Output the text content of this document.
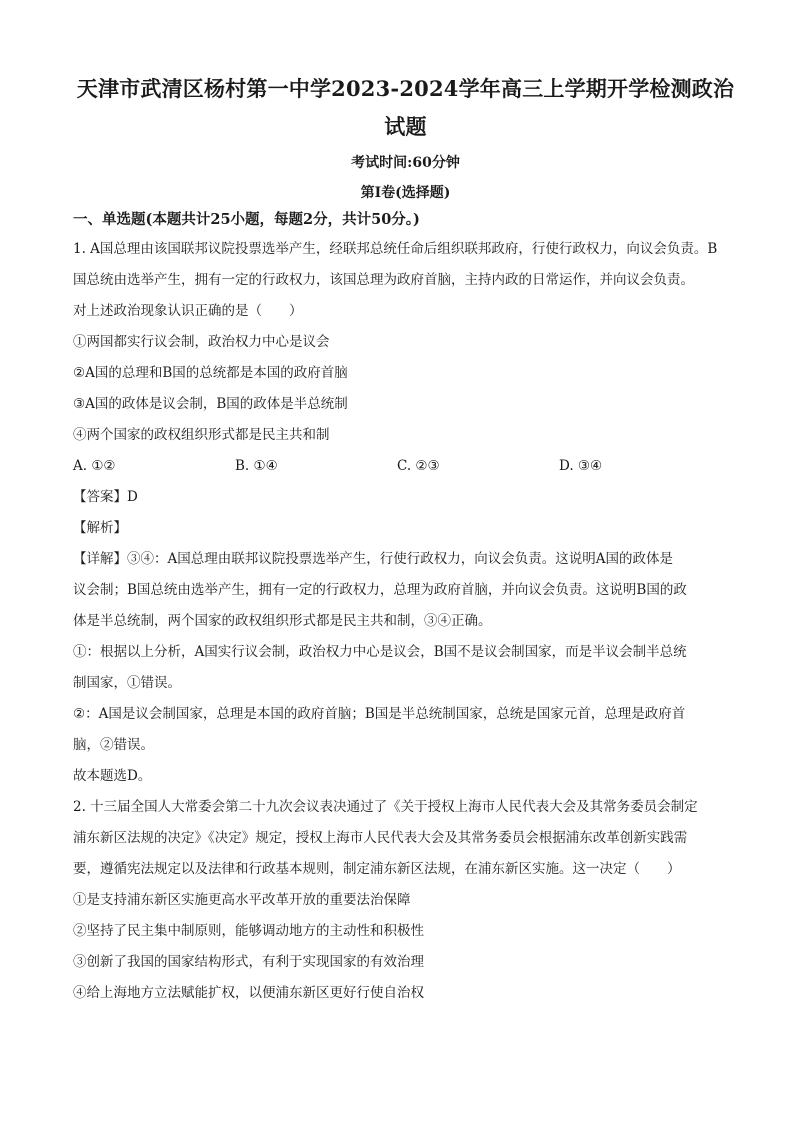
天津市武清区杨村第一中学2023-2024学年高三上学期开学检测政治
试题
考试时间:60分钟
第I卷(选择题)
一、单选题(本题共计25小题，每题2分，共计50分。)

1. A国总理由该国联邦议院投票选举产生，经联邦总统任命后组织联邦政府，行使行政权力，向议会负责。B

国总统由选举产生，拥有一定的行政权力，该国总理为政府首脑，主持内政的日常运作，并向议会负责。

对上述政治现象认识正确的是（　　）

①两国都实行议会制，政治权力中心是议会

②A国的总理和B国的总统都是本国的政府首脑

③A国的政体是议会制，B国的政体是半总统制

④两个国家的政权组织形式都是民主共和制

A. ①②	B. ①④	C. ②③	D. ③④

【答案】D

【解析】

【详解】③④：A国总理由联邦议院投票选举产生，行使行政权力，向议会负责。这说明A国的政体是

议会制；B国总统由选举产生，拥有一定的行政权力，总理为政府首脑，并向议会负责。这说明B国的政

体是半总统制，两个国家的政权组织形式都是民主共和制，③④正确。

①：根据以上分析，A国实行议会制，政治权力中心是议会，B国不是议会制国家，而是半议会制半总统

制国家，①错误。

②：A国是议会制国家，总理是本国的政府首脑；B国是半总统制国家，总统是国家元首，总理是政府首

脑，②错误。

故本题选D。

2. 十三届全国人大常委会第二十九次会议表决通过了《关于授权上海市人民代表大会及其常务委员会制定

浦东新区法规的决定》《决定》规定，授权上海市人民代表大会及其常务委员会根据浦东改革创新实践需

要，遵循宪法规定以及法律和行政基本规则，制定浦东新区法规，在浦东新区实施。这一决定（　　）

①是支持浦东新区实施更高水平改革开放的重要法治保障

②坚持了民主集中制原则，能够调动地方的主动性和积极性

③创新了我国的国家结构形式，有利于实现国家的有效治理

④给上海地方立法赋能扩权，以便浦东新区更好行使自治权
